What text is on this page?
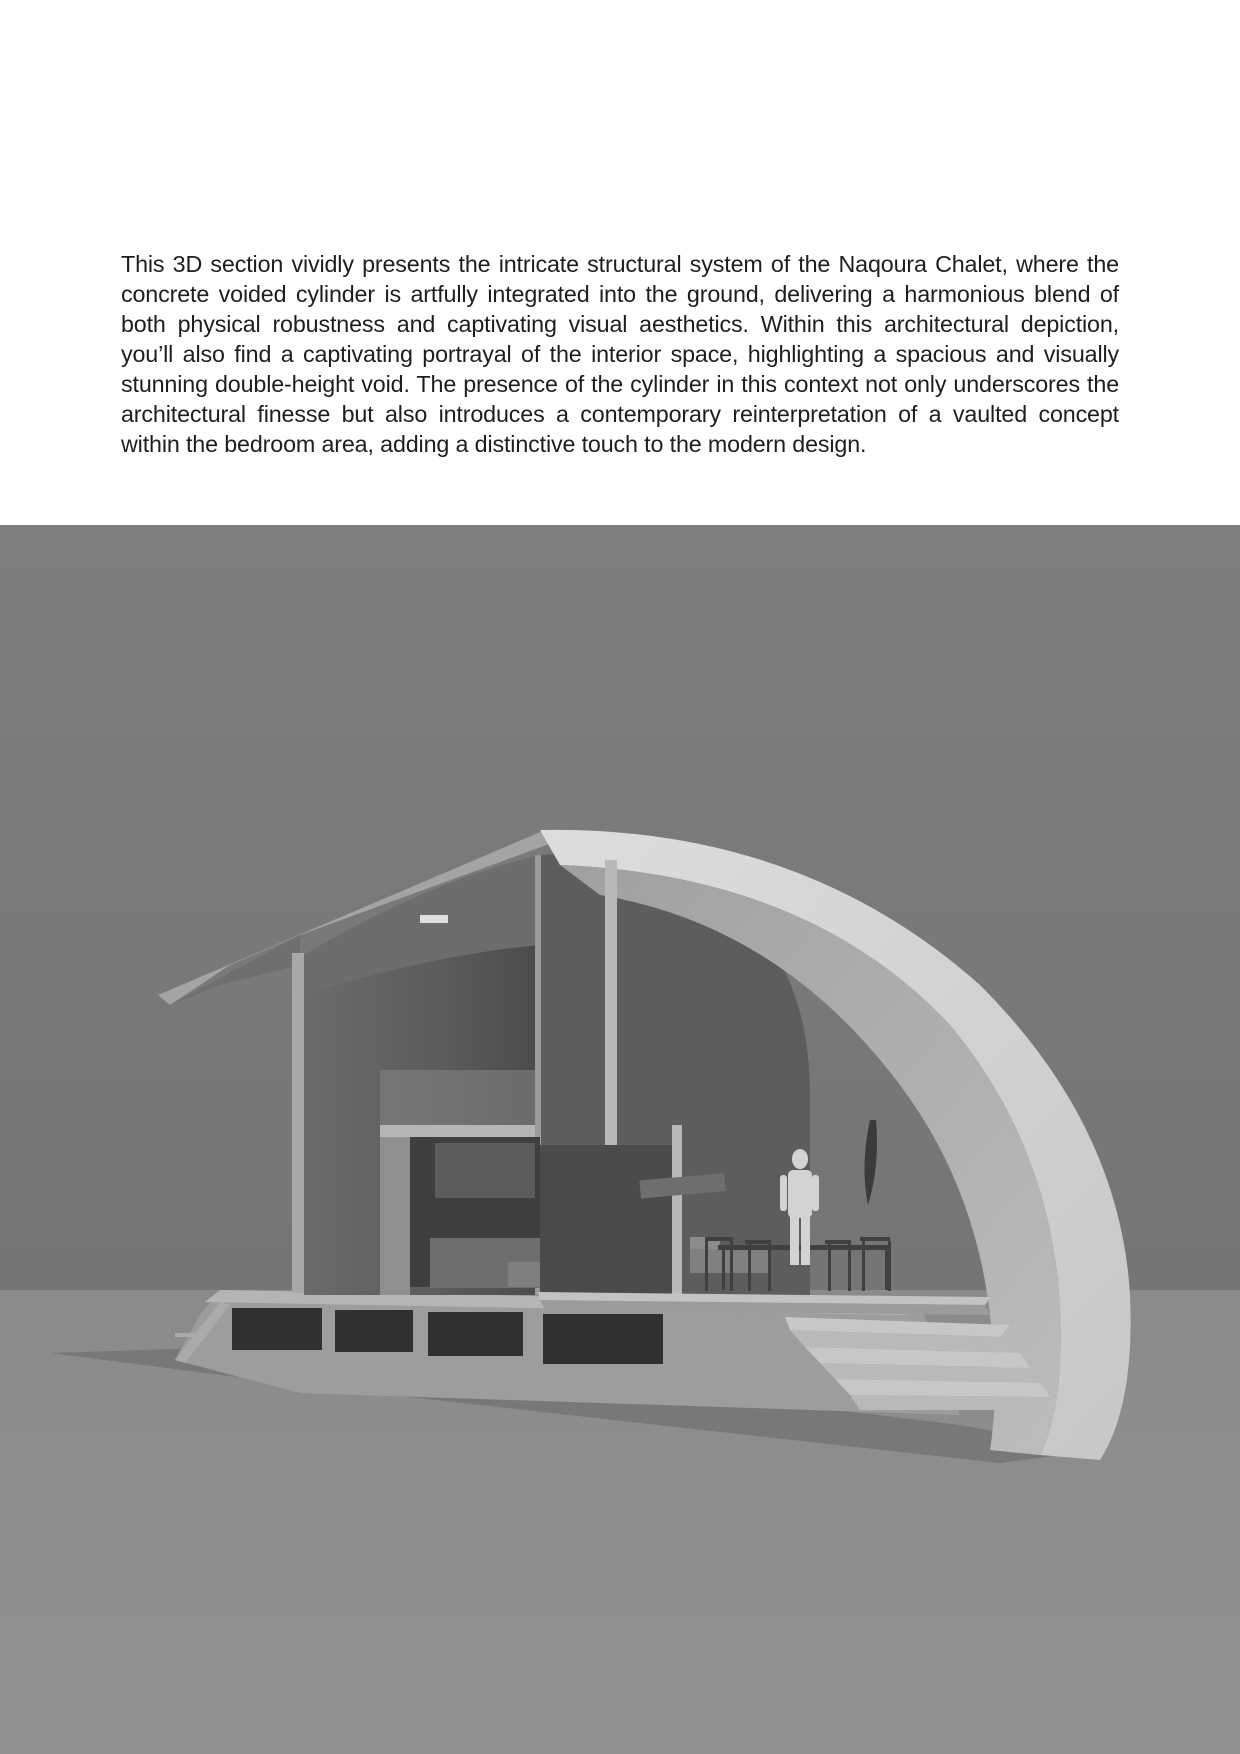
This 3D section vividly presents the intricate structural system of the Naqoura Chalet, where the concrete voided cylinder is artfully integrated into the ground, delivering a harmonious blend of both physical robustness and captivating visual aesthetics. Within this architectural depiction, you’ll also find a captivating portrayal of the interior space, highlighting a spacious and visually stunning double-height void. The presence of the cylinder in this context not only underscores the architectural finesse but also introduces a contemporary reinterpretation of a vaulted concept within the bedroom area, adding a distinctive touch to the modern design.
